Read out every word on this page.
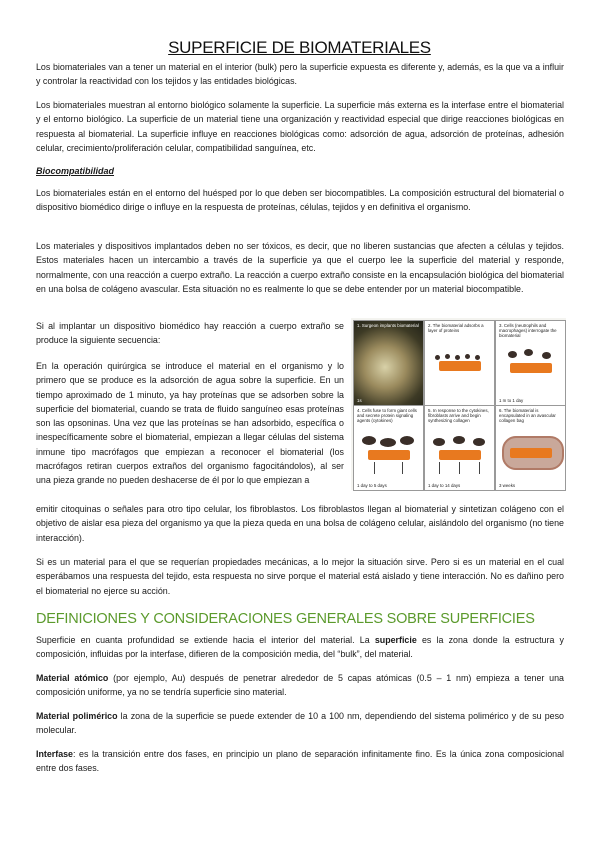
SUPERFICIE DE BIOMATERIALES

Los biomateriales van a tener un material en el interior (bulk) pero la superficie expuesta es diferente y, además, es la que va a influir y controlar la reactividad con los tejidos y las entidades biológicas.

Los biomateriales muestran al entorno biológico solamente la superficie. La superficie más externa es la interfase entre el biomaterial y el entorno biológico. La superficie de un material tiene una organización y reactividad especial que dirige reacciones biológicas en respuesta al biomaterial. La superficie influye en reacciones biológicas como: adsorción de agua, adsorción de proteínas, adhesión celular, crecimiento/proliferación celular, compatibilidad sanguínea, etc.

Biocompatibilidad

Los biomateriales están en el entorno del huésped por lo que deben ser biocompatibles. La composición estructural del biomaterial o dispositivo biomédico dirige o influye en la respuesta de proteínas, células, tejidos y en definitiva el organismo.

Los materiales y dispositivos implantados deben no ser tóxicos, es decir, que no liberen sustancias que afecten a células y tejidos. Estos materiales hacen un intercambio a través de la superficie ya que el cuerpo lee la superficie del material y responde, normalmente, con una reacción a cuerpo extraño. La reacción a cuerpo extraño consiste en la encapsulación biológica del biomaterial en una bolsa de colágeno avascular. Esta situación no es realmente lo que se debe entender por un material biocompatible.

Si al implantar un dispositivo biomédico hay reacción a cuerpo extraño se produce la siguiente secuencia:

En la operación quirúrgica se introduce el material en el organismo y lo primero que se produce es la adsorción de agua sobre la superficie. En un tiempo aproximado de 1 minuto, ya hay proteínas que se adsorben sobre la superficie del biomaterial, cuando se trata de fluido sanguíneo esas proteínas son las opsoninas. Una vez que las proteínas se han adsorbido, específica o inespecíficamente sobre el biomaterial, empiezan a llegar células del sistema inmune tipo macrófagos que empiezan a reconocer el biomaterial (los macrófagos retiran cuerpos extraños del organismo fagocitándolos), al ser una pieza grande no pueden deshacerse de él por lo que empiezan a

emitir citoquinas o señales para otro tipo celular, los fibroblastos. Los fibroblastos llegan al biomaterial y sintetizan colágeno con el objetivo de aislar esa pieza del organismo ya que la pieza queda en una bolsa de colágeno celular, aislándolo del organismo (no tiene interacción).

Si es un material para el que se requerían propiedades mecánicas, a lo mejor la situación sirve. Pero si es un material en el cual esperábamos una respuesta del tejido, esta respuesta no sirve porque el material está aislado y tiene interacción. No es dañino pero el biomaterial no ejerce su acción.

DEFINICIONES Y CONSIDERACIONES GENERALES SOBRE SUPERFICIES

Superficie en cuanta profundidad se extiende hacia el interior del material. La superficie es la zona donde la estructura y composición, influidas por la interfase, difieren de la composición media, del “bulk”, del material.

Material atómico (por ejemplo, Au) después de penetrar alrededor de 5 capas atómicas (0.5 – 1 nm) empieza a tener una composición uniforme, ya no se tendría superficie sino material.

Material polimérico la zona de la superficie se puede extender de 10 a 100 nm, dependiendo del sistema polimérico y de su peso molecular.

Interfase: es la transición entre dos fases, en principio un plano de separación infinitamente fino. Es la única zona composicional entre dos fases.

1. Surgeon implants biomaterial
1s
2. The biomaterial adsorbs a layer of proteins
3. Cells (neutrophils and macrophages) interrogate the biomaterial
1 m to 1 day
4. Cells fuse to form giant cells and secrete protein signaling agents (cytokines)
1 day to 5 days
5. In response to the cytokines, fibroblasts arrive and begin synthesizing collagen
1 day to 14 days
6. The biomaterial is encapsulated in an avascular collagen bag
3 weeks
